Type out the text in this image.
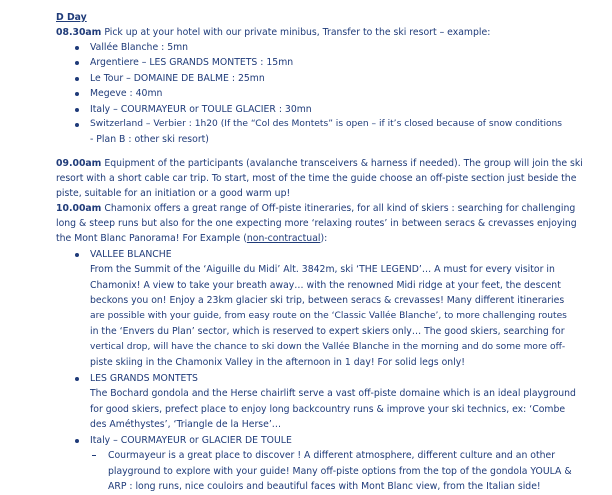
D Day
08.30am Pick up at your hotel with our private minibus, Transfer to the ski resort – example:
Vallée Blanche : 5mn
Argentiere – LES GRANDS MONTETS : 15mn
Le Tour – DOMAINE DE BALME : 25mn
Megeve : 40mn
Italy – COURMAYEUR or TOULE GLACIER : 30mn
Switzerland – Verbier : 1h20 (If the “Col des Montets” is open – if it’s closed because of snow conditions
- Plan B : other ski resort)
09.00am Equipment of the participants (avalanche transceivers & harness if needed). The group will join the ski
resort with a short cable car trip. To start, most of the time the guide choose an off-piste section just beside the
piste, suitable for an initiation or a good warm up!
10.00am Chamonix offers a great range of Off-piste itineraries, for all kind of skiers : searching for challenging
long & steep runs but also for the one expecting more ‘relaxing routes’ in between seracs & crevasses enjoying
the Mont Blanc Panorama! For Example (non-contractual):
VALLEE BLANCHE
From the Summit of the ‘Aiguille du Midi’ Alt. 3842m, ski ‘THE LEGEND’… A must for every visitor in
Chamonix! A view to take your breath away… with the renowned Midi ridge at your feet, the descent
beckons you on! Enjoy a 23km glacier ski trip, between seracs & crevasses! Many different itineraries
are possible with your guide, from easy route on the ‘Classic Vallée Blanche’, to more challenging routes
in the ‘Envers du Plan’ sector, which is reserved to expert skiers only… The good skiers, searching for
vertical drop, will have the chance to ski down the Vallée Blanche in the morning and do some more off-
piste skiing in the Chamonix Valley in the afternoon in 1 day! For solid legs only!
LES GRANDS MONTETS
The Bochard gondola and the Herse chairlift serve a vast off-piste domaine which is an ideal playground
for good skiers, prefect place to enjoy long backcountry runs & improve your ski technics, ex: ‘Combe
des Améthystes’, ‘Triangle de la Herse’…
Italy – COURMAYEUR or GLACIER DE TOULE
Courmayeur is a great place to discover ! A different atmosphere, different culture and an other
playground to explore with your guide! Many off-piste options from the top of the gondola YOULA &
ARP : long runs, nice couloirs and beautiful faces with Mont Blanc view, from the Italian side!
